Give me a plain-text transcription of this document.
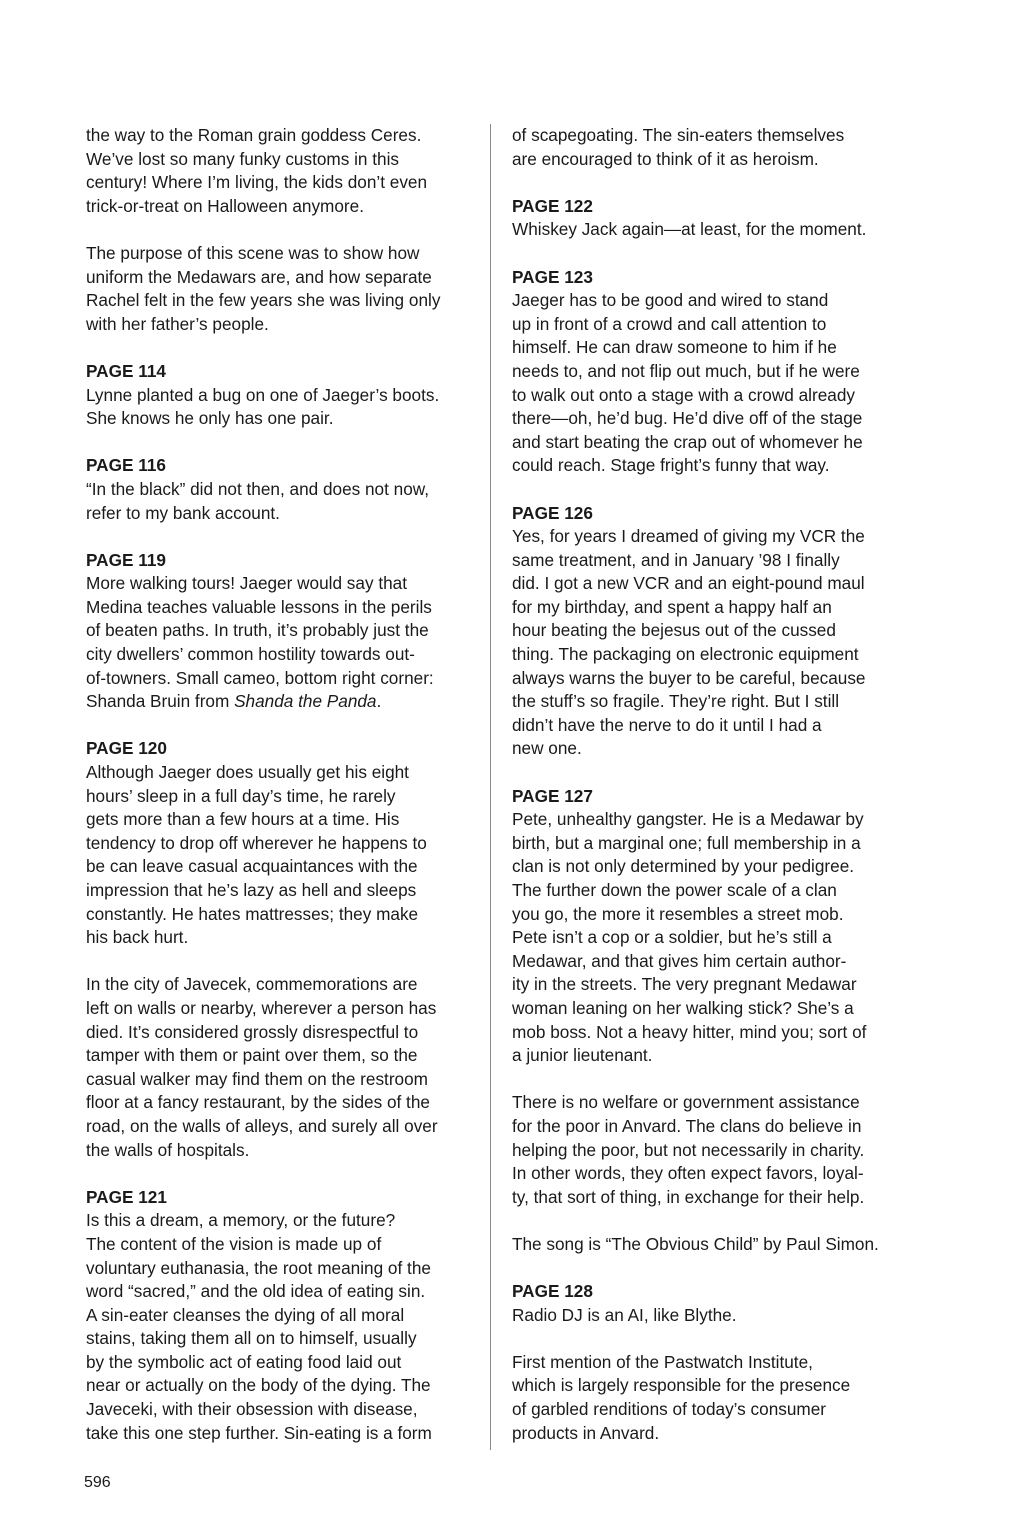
the way to the Roman grain goddess Ceres.
We’ve lost so many funky customs in this
century! Where I’m living, the kids don’t even
trick-or-treat on Halloween anymore.
The purpose of this scene was to show how
uniform the Medawars are, and how separate
Rachel felt in the few years she was living only
with her father’s people.
PAGE 114
Lynne planted a bug on one of Jaeger’s boots.
She knows he only has one pair.
PAGE 116
“In the black” did not then, and does not now,
refer to my bank account.
PAGE 119
More walking tours! Jaeger would say that
Medina teaches valuable lessons in the perils
of beaten paths. In truth, it’s probably just the
city dwellers’ common hostility towards out-
of-towners. Small cameo, bottom right corner:
Shanda Bruin from Shanda the Panda.
PAGE 120
Although Jaeger does usually get his eight
hours’ sleep in a full day’s time, he rarely
gets more than a few hours at a time. His
tendency to drop off wherever he happens to
be can leave casual acquaintances with the
impression that he’s lazy as hell and sleeps
constantly. He hates mattresses; they make
his back hurt.
In the city of Javecek, commemorations are
left on walls or nearby, wherever a person has
died. It’s considered grossly disrespectful to
tamper with them or paint over them, so the
casual walker may find them on the restroom
floor at a fancy restaurant, by the sides of the
road, on the walls of alleys, and surely all over
the walls of hospitals.
PAGE 121
Is this a dream, a memory, or the future?
The content of the vision is made up of
voluntary euthanasia, the root meaning of the
word “sacred,” and the old idea of eating sin.
A sin-eater cleanses the dying of all moral
stains, taking them all on to himself, usually
by the symbolic act of eating food laid out
near or actually on the body of the dying. The
Javeceki, with their obsession with disease,
take this one step further. Sin-eating is a form
of scapegoating. The sin-eaters themselves
are encouraged to think of it as heroism.
PAGE 122
Whiskey Jack again—at least, for the moment.
PAGE 123
Jaeger has to be good and wired to stand
up in front of a crowd and call attention to
himself. He can draw someone to him if he
needs to, and not flip out much, but if he were
to walk out onto a stage with a crowd already
there—oh, he’d bug. He’d dive off of the stage
and start beating the crap out of whomever he
could reach. Stage fright’s funny that way.
PAGE 126
Yes, for years I dreamed of giving my VCR the
same treatment, and in January ’98 I finally
did. I got a new VCR and an eight-pound maul
for my birthday, and spent a happy half an
hour beating the bejesus out of the cussed
thing. The packaging on electronic equipment
always warns the buyer to be careful, because
the stuff’s so fragile. They’re right. But I still
didn’t have the nerve to do it until I had a
new one.
PAGE 127
Pete, unhealthy gangster. He is a Medawar by
birth, but a marginal one; full membership in a
clan is not only determined by your pedigree.
The further down the power scale of a clan
you go, the more it resembles a street mob.
Pete isn’t a cop or a soldier, but he’s still a
Medawar, and that gives him certain author-
ity in the streets. The very pregnant Medawar
woman leaning on her walking stick? She’s a
mob boss. Not a heavy hitter, mind you; sort of
a junior lieutenant.
There is no welfare or government assistance
for the poor in Anvard. The clans do believe in
helping the poor, but not necessarily in charity.
In other words, they often expect favors, loyal-
ty, that sort of thing, in exchange for their help.
The song is “The Obvious Child” by Paul Simon.
PAGE 128
Radio DJ is an AI, like Blythe.
First mention of the Pastwatch Institute,
which is largely responsible for the presence
of garbled renditions of today’s consumer
products in Anvard.
596
